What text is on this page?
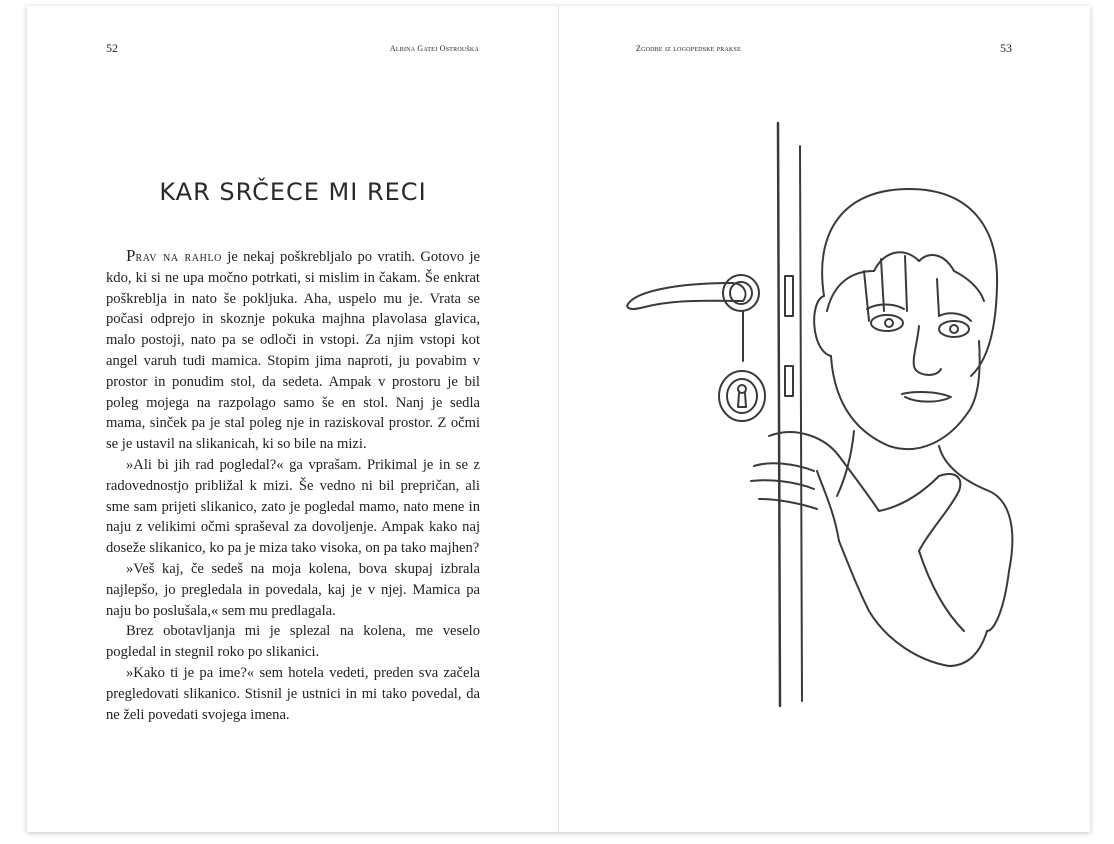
52	Albina Gatej Ostrouška
KAR SRČECE MI RECI

Prav na rahlo je nekaj poškrebljalo po vratih. Gotovo je kdo, ki si ne upa močno potrkati, si mislim in čakam. Še enkrat poškreblja in nato še pokljuka. Aha, uspelo mu je. Vrata se počasi odprejo in skoznje pokuka majhna plavolasa glavica, malo postoji, nato pa se odloči in vstopi. Za njim vstopi kot angel varuh tudi mamica. Stopim jima naproti, ju povabim v prostor in ponudim stol, da sedeta. Ampak v prostoru je bil poleg mojega na razpolago samo še en stol. Nanj je sedla mama, sinček pa je stal poleg nje in raziskoval prostor. Z očmi se je ustavil na slikanicah, ki so bile na mizi.

»Ali bi jih rad pogledal?« ga vprašam. Prikimal je in se z radovednostjo približal k mizi. Še vedno ni bil prepričan, ali sme sam prijeti slikanico, zato je pogledal mamo, nato mene in naju z velikimi očmi spraševal za dovoljenje. Ampak kako naj doseže slikanico, ko pa je miza tako visoka, on pa tako majhen?

»Veš kaj, če sedeš na moja kolena, bova skupaj izbrala najlepšo, jo pregledala in povedala, kaj je v njej. Mamica pa naju bo poslušala,« sem mu predlagala.

Brez obotavljanja mi je splezal na kolena, me veselo pogledal in stegnil roko po slikanici.

»Kako ti je pa ime?« sem hotela vedeti, preden sva začela pregledovati slikanico. Stisnil je ustnici in mi tako povedal, da ne želi povedati svojega imena.

Zgodbe iz logopedske prakse	53
